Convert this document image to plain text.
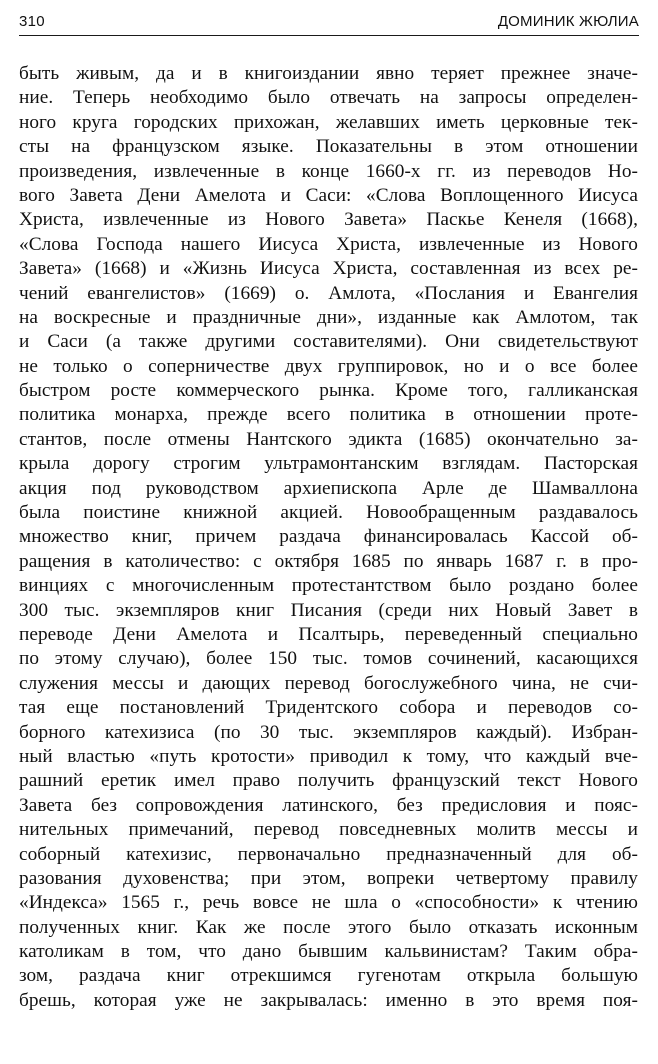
310	ДОМИНИК ЖЮЛИА
быть живым, да и в книгоиздании явно теряет прежнее значе-
ние. Теперь необходимо было отвечать на запросы определен-
ного круга городских прихожан, желавших иметь церковные тек-
сты на французском языке. Показательны в этом отношении
произведения, извлеченные в конце 1660-х гг. из переводов Но-
вого Завета Дени Амелота и Саси: «Слова Воплощенного Иисуса
Христа, извлеченные из Нового Завета» Паскье Кенеля (1668),
«Слова Господа нашего Иисуса Христа, извлеченные из Нового
Завета» (1668) и «Жизнь Иисуса Христа, составленная из всех ре-
чений евангелистов» (1669) о. Амлота, «Послания и Евангелия
на воскресные и праздничные дни», изданные как Амлотом, так
и Саси (а также другими составителями). Они свидетельствуют
не только о соперничестве двух группировок, но и о все более
быстром росте коммерческого рынка. Кроме того, галликанская
политика монарха, прежде всего политика в отношении протe-
стантов, после отмены Нантского эдикта (1685) окончательно за-
крыла дорогу строгим ультрамонтанским взглядам. Пасторская
акция под руководством архиепископа Арле де Шамваллона
была поистине книжной акцией. Новообращенным раздавалось
множество книг, причем раздача финансировалась Кассой об-
ращения в католичество: с октября 1685 по январь 1687 г. в про-
винциях с многочисленным протестантством было роздано более
300 тыс. экземпляров книг Писания (среди них Новый Завет в
переводе Дени Амелота и Псалтырь, переведенный специально
по этому случаю), более 150 тыс. томов сочинений, касающихся
служения мессы и дающих перевод богослужебного чина, не счи-
тая еще постановлений Тридентского собора и переводов со-
борного катехизиса (по 30 тыс. экземпляров каждый). Избран-
ный властью «путь кротости» приводил к тому, что каждый вче-
рашний еретик имел право получить французский текст Нового
Завета без сопровождения латинского, без предисловия и пояс-
нительных примечаний, перевод повседневных молитв мессы и
соборный катехизис, первоначально предназначенный для об-
разования духовенства; при этом, вопреки четвертому правилу
«Индекса» 1565 г., речь вовсе не шла о «способности» к чтению
полученных книг. Как же после этого было отказать исконным
католикам в том, что дано бывшим кальвинистам? Таким обра-
зом, раздача книг отрекшимся гугенотам открыла большую
брешь, которая уже не закрывалась: именно в это время поя-
